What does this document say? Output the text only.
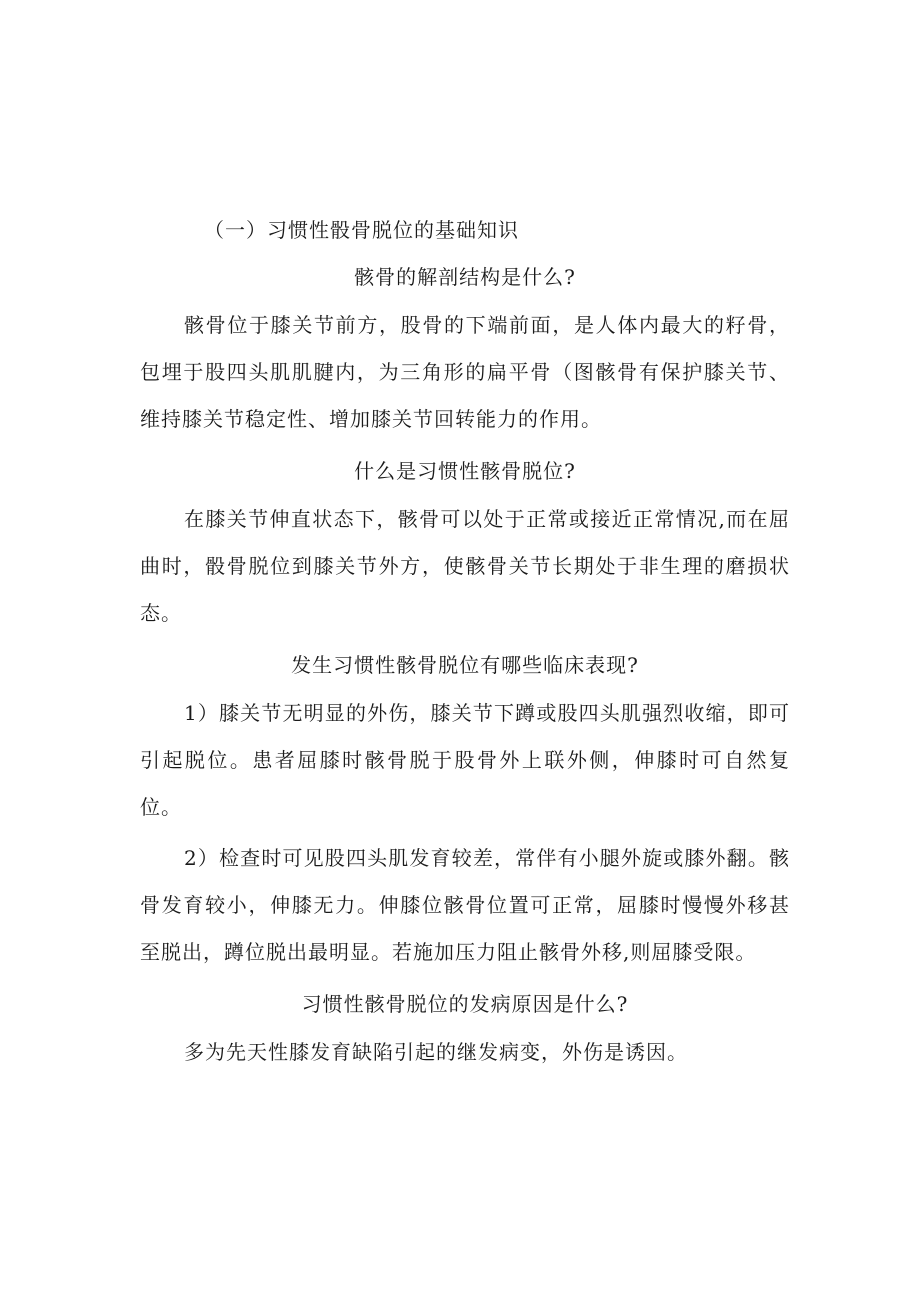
（一）习惯性骰骨脱位的基础知识
骸骨的解剖结构是什么?

骸骨位于膝关节前方，股骨的下端前面，是人体内最大的籽骨，包埋于股四头肌肌腱内，为三角形的扁平骨（图骸骨有保护膝关节、维持膝关节稳定性、增加膝关节回转能力的作用。

什么是习惯性骸骨脱位?

在膝关节伸直状态下，骸骨可以处于正常或接近正常情况,而在屈曲时，骰骨脱位到膝关节外方，使骸骨关节长期处于非生理的磨损状态。

发生习惯性骸骨脱位有哪些临床表现?

1）膝关节无明显的外伤，膝关节下蹲或股四头肌强烈收缩，即可引起脱位。患者屈膝时骸骨脱于股骨外上联外侧，伸膝时可自然复位。

2）检查时可见股四头肌发育较差，常伴有小腿外旋或膝外翻。骸骨发育较小，伸膝无力。伸膝位骸骨位置可正常，屈膝时慢慢外移甚至脱出，蹲位脱出最明显。若施加压力阻止骸骨外移,则屈膝受限。

习惯性骸骨脱位的发病原因是什么?

多为先天性膝发育缺陷引起的继发病变，外伤是诱因。
